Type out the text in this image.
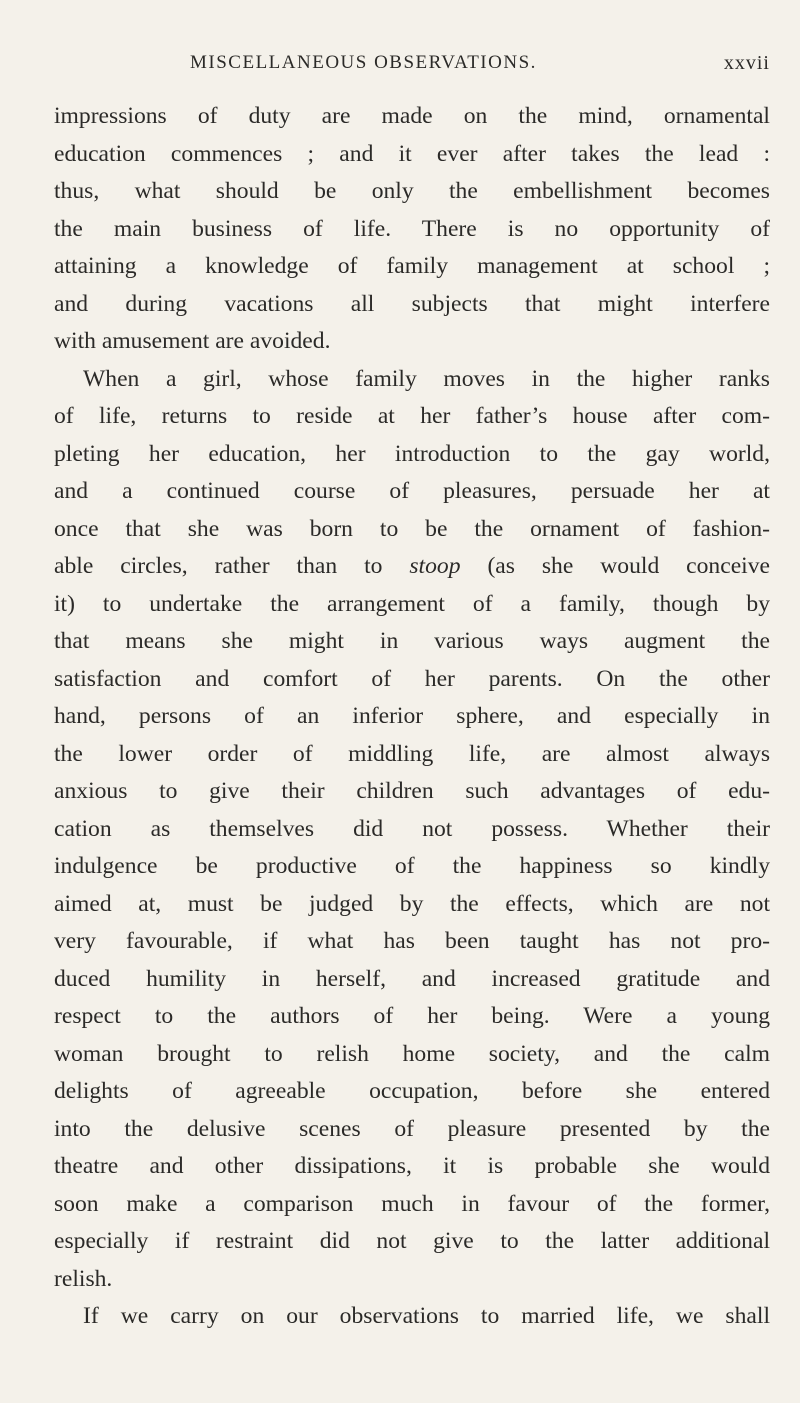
MISCELLANEOUS OBSERVATIONS.	xxvii
impressions of duty are made on the mind, ornamental
education commences ; and it ever after takes the lead :
thus, what should be only the embellishment becomes
the main business of life. There is no opportunity of
attaining a knowledge of family management at school ;
and during vacations all subjects that might interfere
with amusement are avoided.
When a girl, whose family moves in the higher ranks
of life, returns to reside at her father’s house after com-
pleting her education, her introduction to the gay world,
and a continued course of pleasures, persuade her at
once that she was born to be the ornament of fashion-
able circles, rather than to stoop (as she would conceive
it) to undertake the arrangement of a family, though by
that means she might in various ways augment the
satisfaction and comfort of her parents. On the other
hand, persons of an inferior sphere, and especially in
the lower order of middling life, are almost always
anxious to give their children such advantages of edu-
cation as themselves did not possess. Whether their
indulgence be productive of the happiness so kindly
aimed at, must be judged by the effects, which are not
very favourable, if what has been taught has not pro-
duced humility in herself, and increased gratitude and
respect to the authors of her being. Were a young
woman brought to relish home society, and the calm
delights of agreeable occupation, before she entered
into the delusive scenes of pleasure presented by the
theatre and other dissipations, it is probable she would
soon make a comparison much in favour of the former,
especially if restraint did not give to the latter additional
relish.
If we carry on our observations to married life, we shall
